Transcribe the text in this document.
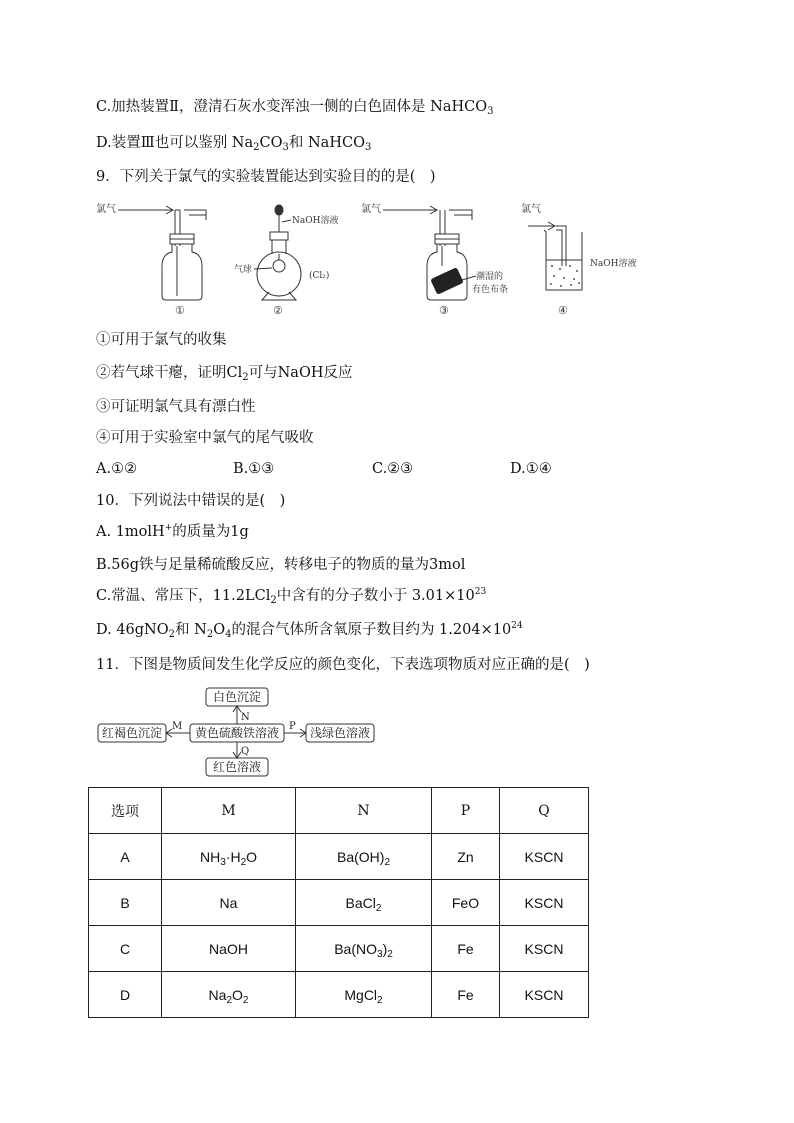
C.加热装置Ⅱ，澄清石灰水变浑浊一侧的白色固体是 NaHCO$_3$
D.装置Ⅲ也可以鉴别 $Na_2CO_3$和 NaHCO$_3$
9．下列关于氯气的实验装置能达到实验目的的是(　)
氯气
①
NaOH溶液
气球
(Cl₂)
②
氯气
潮湿的
有色布条
③
氯气
NaOH溶液
④
①可用于氯气的收集
②若气球干瘪，证明$Cl_2$可与NaOH反应
③可证明氯气具有漂白性
④可用于实验室中氯气的尾气吸收
A.①②	B.①③	C.②③	D.①④
10．下列说法中错误的是(　)
A. 1molH+的质量为1g
B.56g铁与足量稀硫酸反应，转移电子的物质的量为3mol
C.常温、常压下，11.2LCl$_2$中含有的分子数小于 $3.01\times 10^{23}$
D. 46gNO$_2$和 $N_2O_4$的混合气体所含氧原子数目约为 $1.204\times 10^{24}$
11．下图是物质间发生化学反应的颜色变化，下表选项物质对应正确的是(　)
白色沉淀
黄色硫酸铁溶液
红褐色沉淀	浅绿色溶液
红色溶液
N
Q
M	P
选项	M	N	P	Q
A	$NH_3\cdot H_2O$	$Ba(OH)_2$	Zn	KSCN
B	Na	BaCl$_2$	FeO	KSCN
C	NaOH	$Ba(NO_3)_2$	Fe	KSCN
D	$Na_2O_2$	MgCl$_2$	Fe	KSCN
